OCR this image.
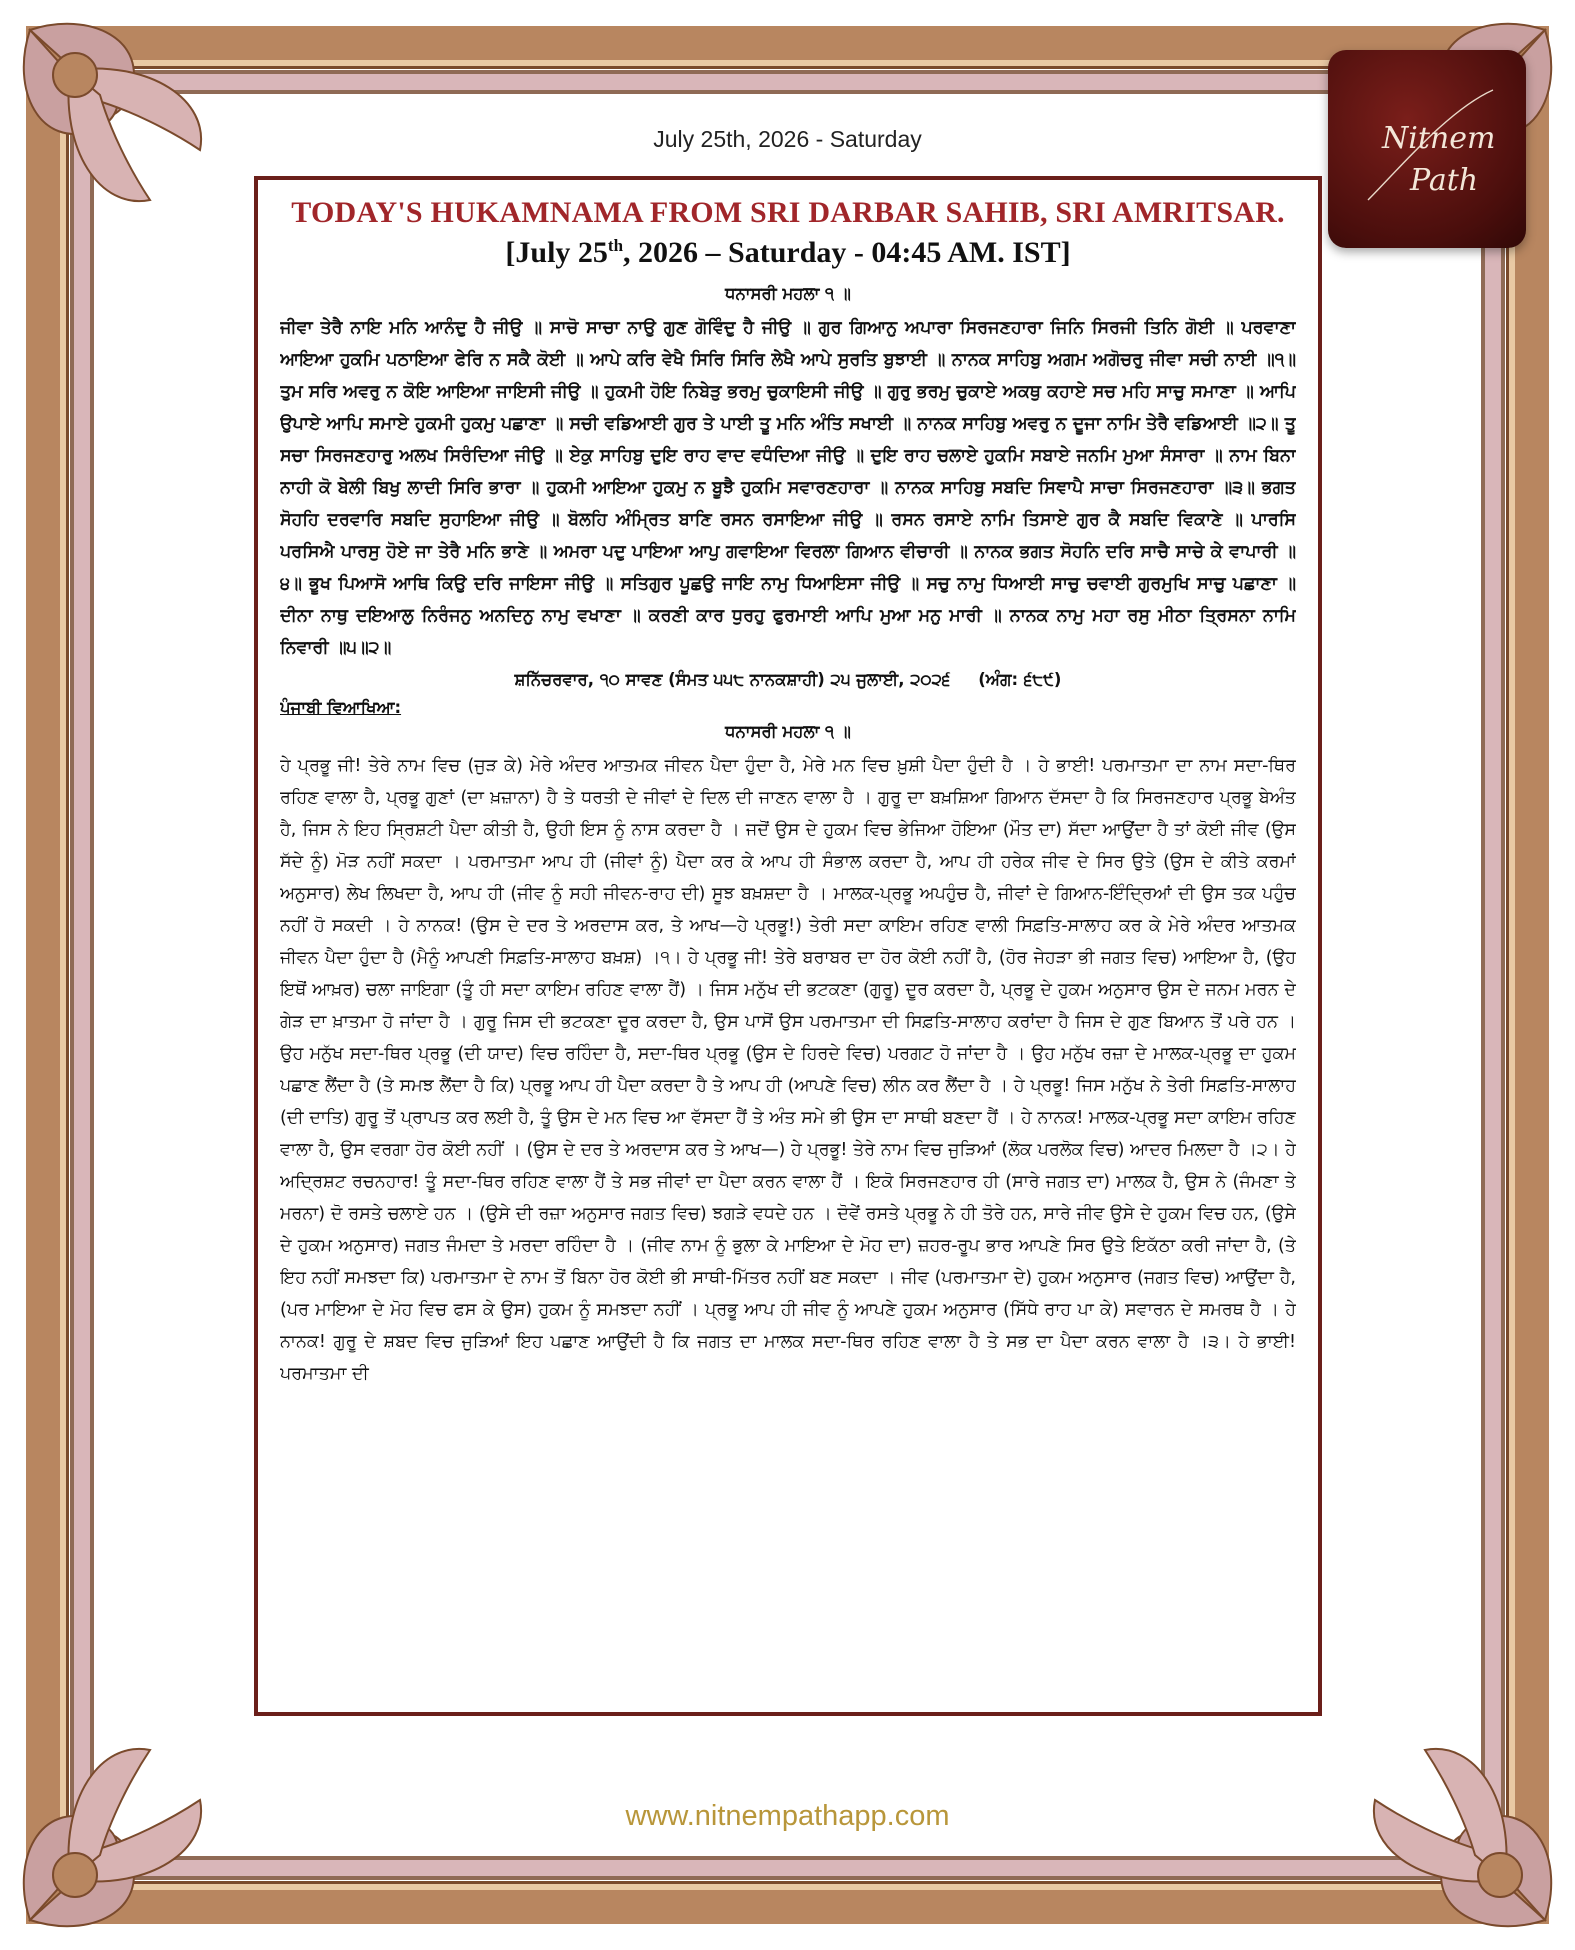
Nitnem
Path
July 25th, 2026 - Saturday
TODAY'S HUKAMNAMA FROM SRI DARBAR SAHIB, SRI AMRITSAR.
[July 25th, 2026 – Saturday - 04:45 AM. IST]
ਧਨਾਸਰੀ ਮਹਲਾ ੧ ॥

ਜੀਵਾ ਤੇਰੈ ਨਾਇ ਮਨਿ ਆਨੰਦੁ ਹੈ ਜੀਉ ॥ ਸਾਚੋ ਸਾਚਾ ਨਾਉ ਗੁਣ ਗੋਵਿੰਦੁ ਹੈ ਜੀਉ ॥ ਗੁਰ ਗਿਆਨੁ ਅਪਾਰਾ ਸਿਰਜਣਹਾਰਾ ਜਿਨਿ ਸਿਰਜੀ ਤਿਨਿ ਗੋਈ ॥ ਪਰਵਾਣਾ ਆਇਆ ਹੁਕਮਿ ਪਠਾਇਆ ਫੇਰਿ ਨ ਸਕੈ ਕੋਈ ॥ ਆਪੇ ਕਰਿ ਵੇਖੈ ਸਿਰਿ ਸਿਰਿ ਲੇਖੈ ਆਪੇ ਸੁਰਤਿ ਬੁਝਾਈ ॥ ਨਾਨਕ ਸਾਹਿਬੁ ਅਗਮ ਅਗੋਚਰੁ ਜੀਵਾ ਸਚੀ ਨਾਈ ॥੧॥ ਤੁਮ ਸਰਿ ਅਵਰੁ ਨ ਕੋਇ ਆਇਆ ਜਾਇਸੀ ਜੀਉ ॥ ਹੁਕਮੀ ਹੋਇ ਨਿਬੇੜੁ ਭਰਮੁ ਚੁਕਾਇਸੀ ਜੀਉ ॥ ਗੁਰੁ ਭਰਮੁ ਚੁਕਾਏ ਅਕਥੁ ਕਹਾਏ ਸਚ ਮਹਿ ਸਾਚੁ ਸਮਾਣਾ ॥ ਆਪਿ ਉਪਾਏ ਆਪਿ ਸਮਾਏ ਹੁਕਮੀ ਹੁਕਮੁ ਪਛਾਣਾ ॥ ਸਚੀ ਵਡਿਆਈ ਗੁਰ ਤੇ ਪਾਈ ਤੂ ਮਨਿ ਅੰਤਿ ਸਖਾਈ ॥ ਨਾਨਕ ਸਾਹਿਬੁ ਅਵਰੁ ਨ ਦੂਜਾ ਨਾਮਿ ਤੇਰੈ ਵਡਿਆਈ ॥੨॥ ਤੂ ਸਚਾ ਸਿਰਜਣਹਾਰੁ ਅਲਖ ਸਿਰੰਦਿਆ ਜੀਉ ॥ ਏਕੁ ਸਾਹਿਬੁ ਦੁਇ ਰਾਹ ਵਾਦ ਵਧੰਦਿਆ ਜੀਉ ॥ ਦੁਇ ਰਾਹ ਚਲਾਏ ਹੁਕਮਿ ਸਬਾਏ ਜਨਮਿ ਮੁਆ ਸੰਸਾਰਾ ॥ ਨਾਮ ਬਿਨਾ ਨਾਹੀ ਕੋ ਬੇਲੀ ਬਿਖੁ ਲਾਦੀ ਸਿਰਿ ਭਾਰਾ ॥ ਹੁਕਮੀ ਆਇਆ ਹੁਕਮੁ ਨ ਬੂਝੈ ਹੁਕਮਿ ਸਵਾਰਣਹਾਰਾ ॥ ਨਾਨਕ ਸਾਹਿਬੁ ਸਬਦਿ ਸਿਞਾਪੈ ਸਾਚਾ ਸਿਰਜਣਹਾਰਾ ॥੩॥ ਭਗਤ ਸੋਹਹਿ ਦਰਵਾਰਿ ਸਬਦਿ ਸੁਹਾਇਆ ਜੀਉ ॥ ਬੋਲਹਿ ਅੰਮ੍ਰਿਤ ਬਾਣਿ ਰਸਨ ਰਸਾਇਆ ਜੀਉ ॥ ਰਸਨ ਰਸਾਏ ਨਾਮਿ ਤਿਸਾਏ ਗੁਰ ਕੈ ਸਬਦਿ ਵਿਕਾਣੇ ॥ ਪਾਰਸਿ ਪਰਸਿਐ ਪਾਰਸੁ ਹੋਏ ਜਾ ਤੇਰੈ ਮਨਿ ਭਾਣੇ ॥ ਅਮਰਾ ਪਦੁ ਪਾਇਆ ਆਪੁ ਗਵਾਇਆ ਵਿਰਲਾ ਗਿਆਨ ਵੀਚਾਰੀ ॥ ਨਾਨਕ ਭਗਤ ਸੋਹਨਿ ਦਰਿ ਸਾਚੈ ਸਾਚੇ ਕੇ ਵਾਪਾਰੀ ॥੪॥ ਭੂਖ ਪਿਆਸੋ ਆਥਿ ਕਿਉ ਦਰਿ ਜਾਇਸਾ ਜੀਉ ॥ ਸਤਿਗੁਰ ਪੂਛਉ ਜਾਇ ਨਾਮੁ ਧਿਆਇਸਾ ਜੀਉ ॥ ਸਚੁ ਨਾਮੁ ਧਿਆਈ ਸਾਚੁ ਚਵਾਈ ਗੁਰਮੁਖਿ ਸਾਚੁ ਪਛਾਣਾ ॥ ਦੀਨਾ ਨਾਥੁ ਦਇਆਲੁ ਨਿਰੰਜਨੁ ਅਨਦਿਨੁ ਨਾਮੁ ਵਖਾਣਾ ॥ ਕਰਣੀ ਕਾਰ ਧੁਰਹੁ ਫੁਰਮਾਈ ਆਪਿ ਮੁਆ ਮਨੁ ਮਾਰੀ ॥ ਨਾਨਕ ਨਾਮੁ ਮਹਾ ਰਸੁ ਮੀਠਾ ਤ੍ਰਿਸਨਾ ਨਾਮਿ ਨਿਵਾਰੀ ॥੫॥੨॥

ਸ਼ਨਿੱਚਰਵਾਰ, ੧੦ ਸਾਵਣ (ਸੰਮਤ ੫੫੮ ਨਾਨਕਸ਼ਾਹੀ) ੨੫ ਜੁਲਾਈ, ੨੦੨੬ (ਅੰਗ: ੬੮੯)
ਪੰਜਾਬੀ ਵਿਆਖਿਆ:
ਧਨਾਸਰੀ ਮਹਲਾ ੧ ॥

ਹੇ ਪ੍ਰਭੂ ਜੀ! ਤੇਰੇ ਨਾਮ ਵਿਚ (ਜੁੜ ਕੇ) ਮੇਰੇ ਅੰਦਰ ਆਤਮਕ ਜੀਵਨ ਪੈਦਾ ਹੁੰਦਾ ਹੈ, ਮੇਰੇ ਮਨ ਵਿਚ ਖ਼ੁਸ਼ੀ ਪੈਦਾ ਹੁੰਦੀ ਹੈ । ਹੇ ਭਾਈ! ਪਰਮਾਤਮਾ ਦਾ ਨਾਮ ਸਦਾ-ਥਿਰ ਰਹਿਣ ਵਾਲਾ ਹੈ, ਪ੍ਰਭੂ ਗੁਣਾਂ (ਦਾ ਖ਼ਜ਼ਾਨਾ) ਹੈ ਤੇ ਧਰਤੀ ਦੇ ਜੀਵਾਂ ਦੇ ਦਿਲ ਦੀ ਜਾਣਨ ਵਾਲਾ ਹੈ । ਗੁਰੂ ਦਾ ਬਖ਼ਸ਼ਿਆ ਗਿਆਨ ਦੱਸਦਾ ਹੈ ਕਿ ਸਿਰਜਣਹਾਰ ਪ੍ਰਭੂ ਬੇਅੰਤ ਹੈ, ਜਿਸ ਨੇ ਇਹ ਸ੍ਰਿਸ਼ਟੀ ਪੈਦਾ ਕੀਤੀ ਹੈ, ਉਹੀ ਇਸ ਨੂੰ ਨਾਸ ਕਰਦਾ ਹੈ । ਜਦੋਂ ਉਸ ਦੇ ਹੁਕਮ ਵਿਚ ਭੇਜਿਆ ਹੋਇਆ (ਮੌਤ ਦਾ) ਸੱਦਾ ਆਉਂਦਾ ਹੈ ਤਾਂ ਕੋਈ ਜੀਵ (ਉਸ ਸੱਦੇ ਨੂੰ) ਮੋੜ ਨਹੀਂ ਸਕਦਾ । ਪਰਮਾਤਮਾ ਆਪ ਹੀ (ਜੀਵਾਂ ਨੂੰ) ਪੈਦਾ ਕਰ ਕੇ ਆਪ ਹੀ ਸੰਭਾਲ ਕਰਦਾ ਹੈ, ਆਪ ਹੀ ਹਰੇਕ ਜੀਵ ਦੇ ਸਿਰ ਉਤੇ (ਉਸ ਦੇ ਕੀਤੇ ਕਰਮਾਂ ਅਨੁਸਾਰ) ਲੇਖ ਲਿਖਦਾ ਹੈ, ਆਪ ਹੀ (ਜੀਵ ਨੂੰ ਸਹੀ ਜੀਵਨ-ਰਾਹ ਦੀ) ਸੂਝ ਬਖ਼ਸ਼ਦਾ ਹੈ । ਮਾਲਕ-ਪ੍ਰਭੂ ਅਪਹੁੰਚ ਹੈ, ਜੀਵਾਂ ਦੇ ਗਿਆਨ-ਇੰਦ੍ਰਿਆਂ ਦੀ ਉਸ ਤਕ ਪਹੁੰਚ ਨਹੀਂ ਹੋ ਸਕਦੀ । ਹੇ ਨਾਨਕ! (ਉਸ ਦੇ ਦਰ ਤੇ ਅਰਦਾਸ ਕਰ, ਤੇ ਆਖ—ਹੇ ਪ੍ਰਭੂ!) ਤੇਰੀ ਸਦਾ ਕਾਇਮ ਰਹਿਣ ਵਾਲੀ ਸਿਫ਼ਤਿ-ਸਾਲਾਹ ਕਰ ਕੇ ਮੇਰੇ ਅੰਦਰ ਆਤਮਕ ਜੀਵਨ ਪੈਦਾ ਹੁੰਦਾ ਹੈ (ਮੈਨੂੰ ਆਪਣੀ ਸਿਫ਼ਤਿ-ਸਾਲਾਹ ਬਖ਼ਸ਼) ।੧। ਹੇ ਪ੍ਰਭੂ ਜੀ! ਤੇਰੇ ਬਰਾਬਰ ਦਾ ਹੋਰ ਕੋਈ ਨਹੀਂ ਹੈ, (ਹੋਰ ਜੇਹੜਾ ਭੀ ਜਗਤ ਵਿਚ) ਆਇਆ ਹੈ, (ਉਹ ਇਥੋਂ ਆਖ਼ਰ) ਚਲਾ ਜਾਇਗਾ (ਤੂੰ ਹੀ ਸਦਾ ਕਾਇਮ ਰਹਿਣ ਵਾਲਾ ਹੈਂ) । ਜਿਸ ਮਨੁੱਖ ਦੀ ਭਟਕਣਾ (ਗੁਰੂ) ਦੂਰ ਕਰਦਾ ਹੈ, ਪ੍ਰਭੂ ਦੇ ਹੁਕਮ ਅਨੁਸਾਰ ਉਸ ਦੇ ਜਨਮ ਮਰਨ ਦੇ ਗੇੜ ਦਾ ਖ਼ਾਤਮਾ ਹੋ ਜਾਂਦਾ ਹੈ । ਗੁਰੂ ਜਿਸ ਦੀ ਭਟਕਣਾ ਦੂਰ ਕਰਦਾ ਹੈ, ਉਸ ਪਾਸੋਂ ਉਸ ਪਰਮਾਤਮਾ ਦੀ ਸਿਫ਼ਤਿ-ਸਾਲਾਹ ਕਰਾਂਦਾ ਹੈ ਜਿਸ ਦੇ ਗੁਣ ਬਿਆਨ ਤੋਂ ਪਰੇ ਹਨ । ਉਹ ਮਨੁੱਖ ਸਦਾ-ਥਿਰ ਪ੍ਰਭੂ (ਦੀ ਯਾਦ) ਵਿਚ ਰਹਿੰਦਾ ਹੈ, ਸਦਾ-ਥਿਰ ਪ੍ਰਭੂ (ਉਸ ਦੇ ਹਿਰਦੇ ਵਿਚ) ਪਰਗਟ ਹੋ ਜਾਂਦਾ ਹੈ । ਉਹ ਮਨੁੱਖ ਰਜ਼ਾ ਦੇ ਮਾਲਕ-ਪ੍ਰਭੂ ਦਾ ਹੁਕਮ ਪਛਾਣ ਲੈਂਦਾ ਹੈ (ਤੇ ਸਮਝ ਲੈਂਦਾ ਹੈ ਕਿ) ਪ੍ਰਭੂ ਆਪ ਹੀ ਪੈਦਾ ਕਰਦਾ ਹੈ ਤੇ ਆਪ ਹੀ (ਆਪਣੇ ਵਿਚ) ਲੀਨ ਕਰ ਲੈਂਦਾ ਹੈ । ਹੇ ਪ੍ਰਭੂ! ਜਿਸ ਮਨੁੱਖ ਨੇ ਤੇਰੀ ਸਿਫ਼ਤਿ-ਸਾਲਾਹ (ਦੀ ਦਾਤਿ) ਗੁਰੂ ਤੋਂ ਪ੍ਰਾਪਤ ਕਰ ਲਈ ਹੈ, ਤੂੰ ਉਸ ਦੇ ਮਨ ਵਿਚ ਆ ਵੱਸਦਾ ਹੈਂ ਤੇ ਅੰਤ ਸਮੇ ਭੀ ਉਸ ਦਾ ਸਾਥੀ ਬਣਦਾ ਹੈਂ । ਹੇ ਨਾਨਕ! ਮਾਲਕ-ਪ੍ਰਭੂ ਸਦਾ ਕਾਇਮ ਰਹਿਣ ਵਾਲਾ ਹੈ, ਉਸ ਵਰਗਾ ਹੋਰ ਕੋਈ ਨਹੀਂ । (ਉਸ ਦੇ ਦਰ ਤੇ ਅਰਦਾਸ ਕਰ ਤੇ ਆਖ—) ਹੇ ਪ੍ਰਭੂ! ਤੇਰੇ ਨਾਮ ਵਿਚ ਜੁੜਿਆਂ (ਲੋਕ ਪਰਲੋਕ ਵਿਚ) ਆਦਰ ਮਿਲਦਾ ਹੈ ।੨। ਹੇ ਅਦ੍ਰਿਸ਼ਟ ਰਚਨਹਾਰ! ਤੂੰ ਸਦਾ-ਥਿਰ ਰਹਿਣ ਵਾਲਾ ਹੈਂ ਤੇ ਸਭ ਜੀਵਾਂ ਦਾ ਪੈਦਾ ਕਰਨ ਵਾਲਾ ਹੈਂ । ਇਕੋ ਸਿਰਜਣਹਾਰ ਹੀ (ਸਾਰੇ ਜਗਤ ਦਾ) ਮਾਲਕ ਹੈ, ਉਸ ਨੇ (ਜੰਮਣਾ ਤੇ ਮਰਨਾ) ਦੋ ਰਸਤੇ ਚਲਾਏ ਹਨ । (ਉਸੇ ਦੀ ਰਜ਼ਾ ਅਨੁਸਾਰ ਜਗਤ ਵਿਚ) ਝਗੜੇ ਵਧਦੇ ਹਨ । ਦੋਵੇਂ ਰਸਤੇ ਪ੍ਰਭੂ ਨੇ ਹੀ ਤੋਰੇ ਹਨ, ਸਾਰੇ ਜੀਵ ਉਸੇ ਦੇ ਹੁਕਮ ਵਿਚ ਹਨ, (ਉਸੇ ਦੇ ਹੁਕਮ ਅਨੁਸਾਰ) ਜਗਤ ਜੰਮਦਾ ਤੇ ਮਰਦਾ ਰਹਿੰਦਾ ਹੈ । (ਜੀਵ ਨਾਮ ਨੂੰ ਭੁਲਾ ਕੇ ਮਾਇਆ ਦੇ ਮੋਹ ਦਾ) ਜ਼ਹਰ-ਰੂਪ ਭਾਰ ਆਪਣੇ ਸਿਰ ਉਤੇ ਇਕੱਠਾ ਕਰੀ ਜਾਂਦਾ ਹੈ, (ਤੇ ਇਹ ਨਹੀਂ ਸਮਝਦਾ ਕਿ) ਪਰਮਾਤਮਾ ਦੇ ਨਾਮ ਤੋਂ ਬਿਨਾ ਹੋਰ ਕੋਈ ਭੀ ਸਾਥੀ-ਮਿੱਤਰ ਨਹੀਂ ਬਣ ਸਕਦਾ । ਜੀਵ (ਪਰਮਾਤਮਾ ਦੇ) ਹੁਕਮ ਅਨੁਸਾਰ (ਜਗਤ ਵਿਚ) ਆਉਂਦਾ ਹੈ, (ਪਰ ਮਾਇਆ ਦੇ ਮੋਹ ਵਿਚ ਫਸ ਕੇ ਉਸ) ਹੁਕਮ ਨੂੰ ਸਮਝਦਾ ਨਹੀਂ । ਪ੍ਰਭੂ ਆਪ ਹੀ ਜੀਵ ਨੂੰ ਆਪਣੇ ਹੁਕਮ ਅਨੁਸਾਰ (ਸਿੱਧੇ ਰਾਹ ਪਾ ਕੇ) ਸਵਾਰਨ ਦੇ ਸਮਰਥ ਹੈ । ਹੇ ਨਾਨਕ! ਗੁਰੂ ਦੇ ਸ਼ਬਦ ਵਿਚ ਜੁੜਿਆਂ ਇਹ ਪਛਾਣ ਆਉਂਦੀ ਹੈ ਕਿ ਜਗਤ ਦਾ ਮਾਲਕ ਸਦਾ-ਥਿਰ ਰਹਿਣ ਵਾਲਾ ਹੈ ਤੇ ਸਭ ਦਾ ਪੈਦਾ ਕਰਨ ਵਾਲਾ ਹੈ ।੩। ਹੇ ਭਾਈ! ਪਰਮਾਤਮਾ ਦੀ

www.nitnempathapp.com
